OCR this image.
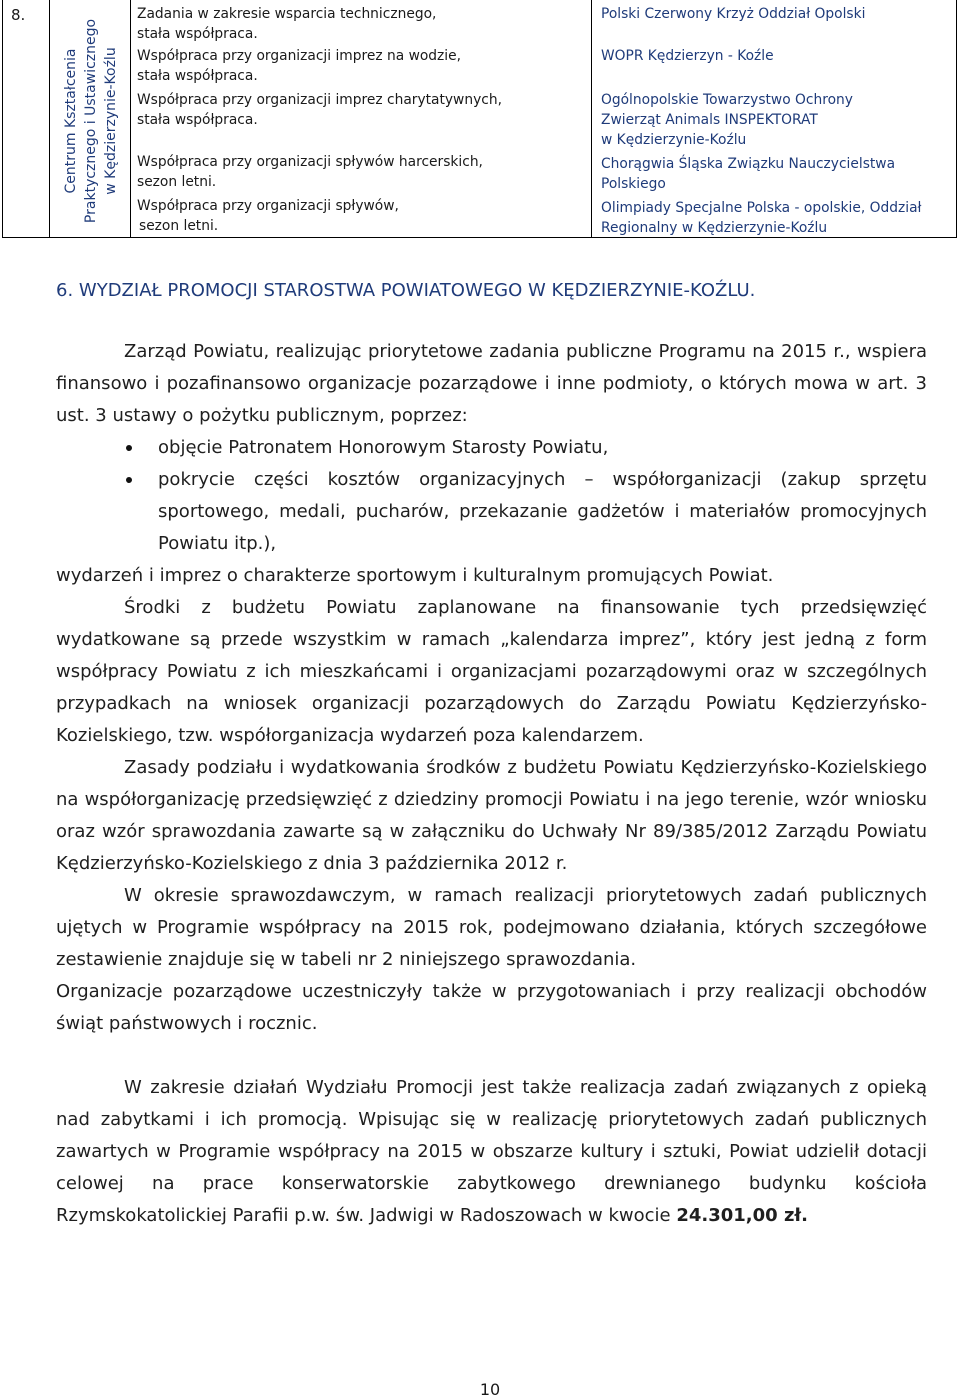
8.
Centrum Kształcenia Praktycznego i Ustawicznego w Kędzierzynie-Koźlu
Zadania w zakresie wsparcia technicznego,
stała współpraca.
Współpraca przy organizacji imprez na wodzie,
stała współpraca.
Współpraca przy organizacji imprez charytatywnych,
stała współpraca.
Współpraca przy organizacji spływów harcerskich,
sezon letni.
Współpraca przy organizacji spływów,
sezon letni.
Polski Czerwony Krzyż Oddział Opolski
WOPR Kędzierzyn - Koźle
Ogólnopolskie Towarzystwo Ochrony
Zwierząt Animals INSPEKTORAT
w Kędzierzynie-Koźlu
Chorągwia Śląska Związku Nauczycielstwa
Polskiego
Olimpiady Specjalne Polska - opolskie, Oddział
Regionalny w Kędzierzynie-Koźlu
6. WYDZIAŁ PROMOCJI STAROSTWA POWIATOWEGO W KĘDZIERZYNIE-KOŹLU.
Zarząd Powiatu, realizując priorytetowe zadania publiczne Programu na 2015 r., wspiera finansowo i pozafinansowo organizacje pozarządowe i inne podmioty, o których mowa w art. 3 ust. 3 ustawy o pożytku publicznym, poprzez:
objęcie Patronatem Honorowym Starosty Powiatu,
pokrycie części kosztów organizacyjnych – współorganizacji (zakup sprzętu sportowego, medali, pucharów, przekazanie gadżetów i materiałów promocyjnych Powiatu itp.),
wydarzeń i imprez o charakterze sportowym i kulturalnym promujących Powiat.
Środki z budżetu Powiatu zaplanowane na finansowanie tych przedsięwzięć wydatkowane są przede wszystkim w ramach „kalendarza imprez”, który jest jedną z form współpracy Powiatu z ich mieszkańcami i organizacjami pozarządowymi oraz w szczególnych przypadkach na wniosek organizacji pozarządowych do Zarządu Powiatu Kędzierzyńsko-Kozielskiego, tzw. współorganizacja wydarzeń poza kalendarzem.
Zasady podziału i wydatkowania środków z budżetu Powiatu Kędzierzyńsko-Kozielskiego na współorganizację przedsięwzięć z dziedziny promocji Powiatu i na jego terenie, wzór wniosku oraz wzór sprawozdania zawarte są w załączniku do Uchwały Nr 89/385/2012 Zarządu Powiatu Kędzierzyńsko-Kozielskiego z dnia 3 października 2012 r.
W okresie sprawozdawczym, w ramach realizacji priorytetowych zadań publicznych ujętych w Programie współpracy na 2015 rok, podejmowano działania, których szczegółowe zestawienie znajduje się w tabeli nr 2 niniejszego sprawozdania.
Organizacje pozarządowe uczestniczyły także w przygotowaniach i przy realizacji obchodów świąt państwowych i rocznic.
W zakresie działań Wydziału Promocji jest także realizacja zadań związanych z opieką nad zabytkami i ich promocją. Wpisując się w realizację priorytetowych zadań publicznych zawartych w Programie współpracy na 2015 w obszarze kultury i sztuki, Powiat udzielił dotacji celowej na prace konserwatorskie zabytkowego drewnianego budynku kościoła Rzymskokatolickiej Parafii p.w. św. Jadwigi w Radoszowach w kwocie 24.301,00 zł.
10
